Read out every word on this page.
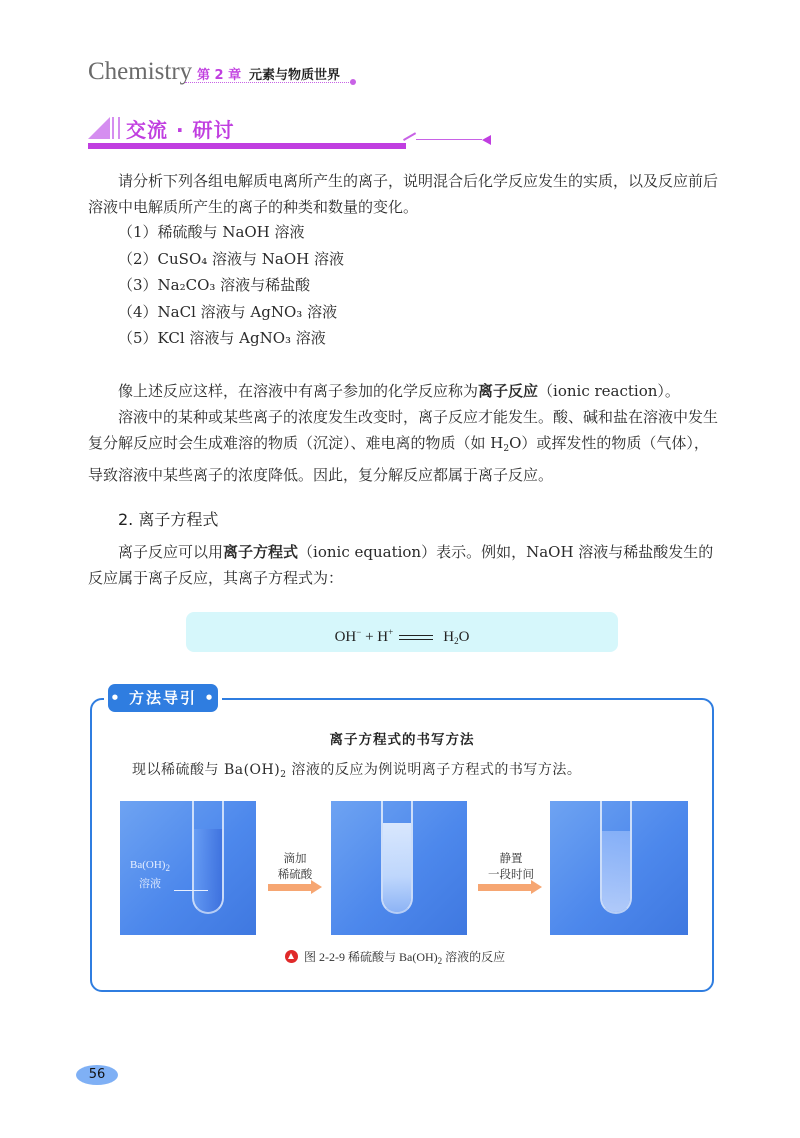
Chemistry 第 2 章 元素与物质世界
交流 · 研讨
请分析下列各组电解质电离所产生的离子，说明混合后化学反应发生的实质，以及反应前后溶液中电解质所产生的离子的种类和数量的变化。
（1）稀硫酸与 NaOH 溶液
（2）CuSO₄ 溶液与 NaOH 溶液
（3）Na₂CO₃ 溶液与稀盐酸
（4）NaCl 溶液与 AgNO₃ 溶液
（5）KCl 溶液与 AgNO₃ 溶液
像上述反应这样，在溶液中有离子参加的化学反应称为离子反应（ionic reaction）。
溶液中的某种或某些离子的浓度发生改变时，离子反应才能发生。酸、碱和盐在溶液中发生复分解反应时会生成难溶的物质（沉淀）、难电离的物质（如 $H_2O$）或挥发性的物质（气体），导致溶液中某些离子的浓度降低。因此，复分解反应都属于离子反应。
2. 离子方程式
离子反应可以用离子方程式（ionic equation）表示。例如，NaOH 溶液与稀盐酸发生的反应属于离子反应，其离子方程式为：
OH− + H+	$H_2O$
• 方法导引 •
离子方程式的书写方法
现以稀硫酸与 $Ba(OH)_2$ 溶液的反应为例说明离子方程式的书写方法。
$Ba(OH)_2$
溶液
滴加
稀硫酸
静置
一段时间
图 2-2-9 稀硫酸与 $Ba(OH)_2$ 溶液的反应
56
